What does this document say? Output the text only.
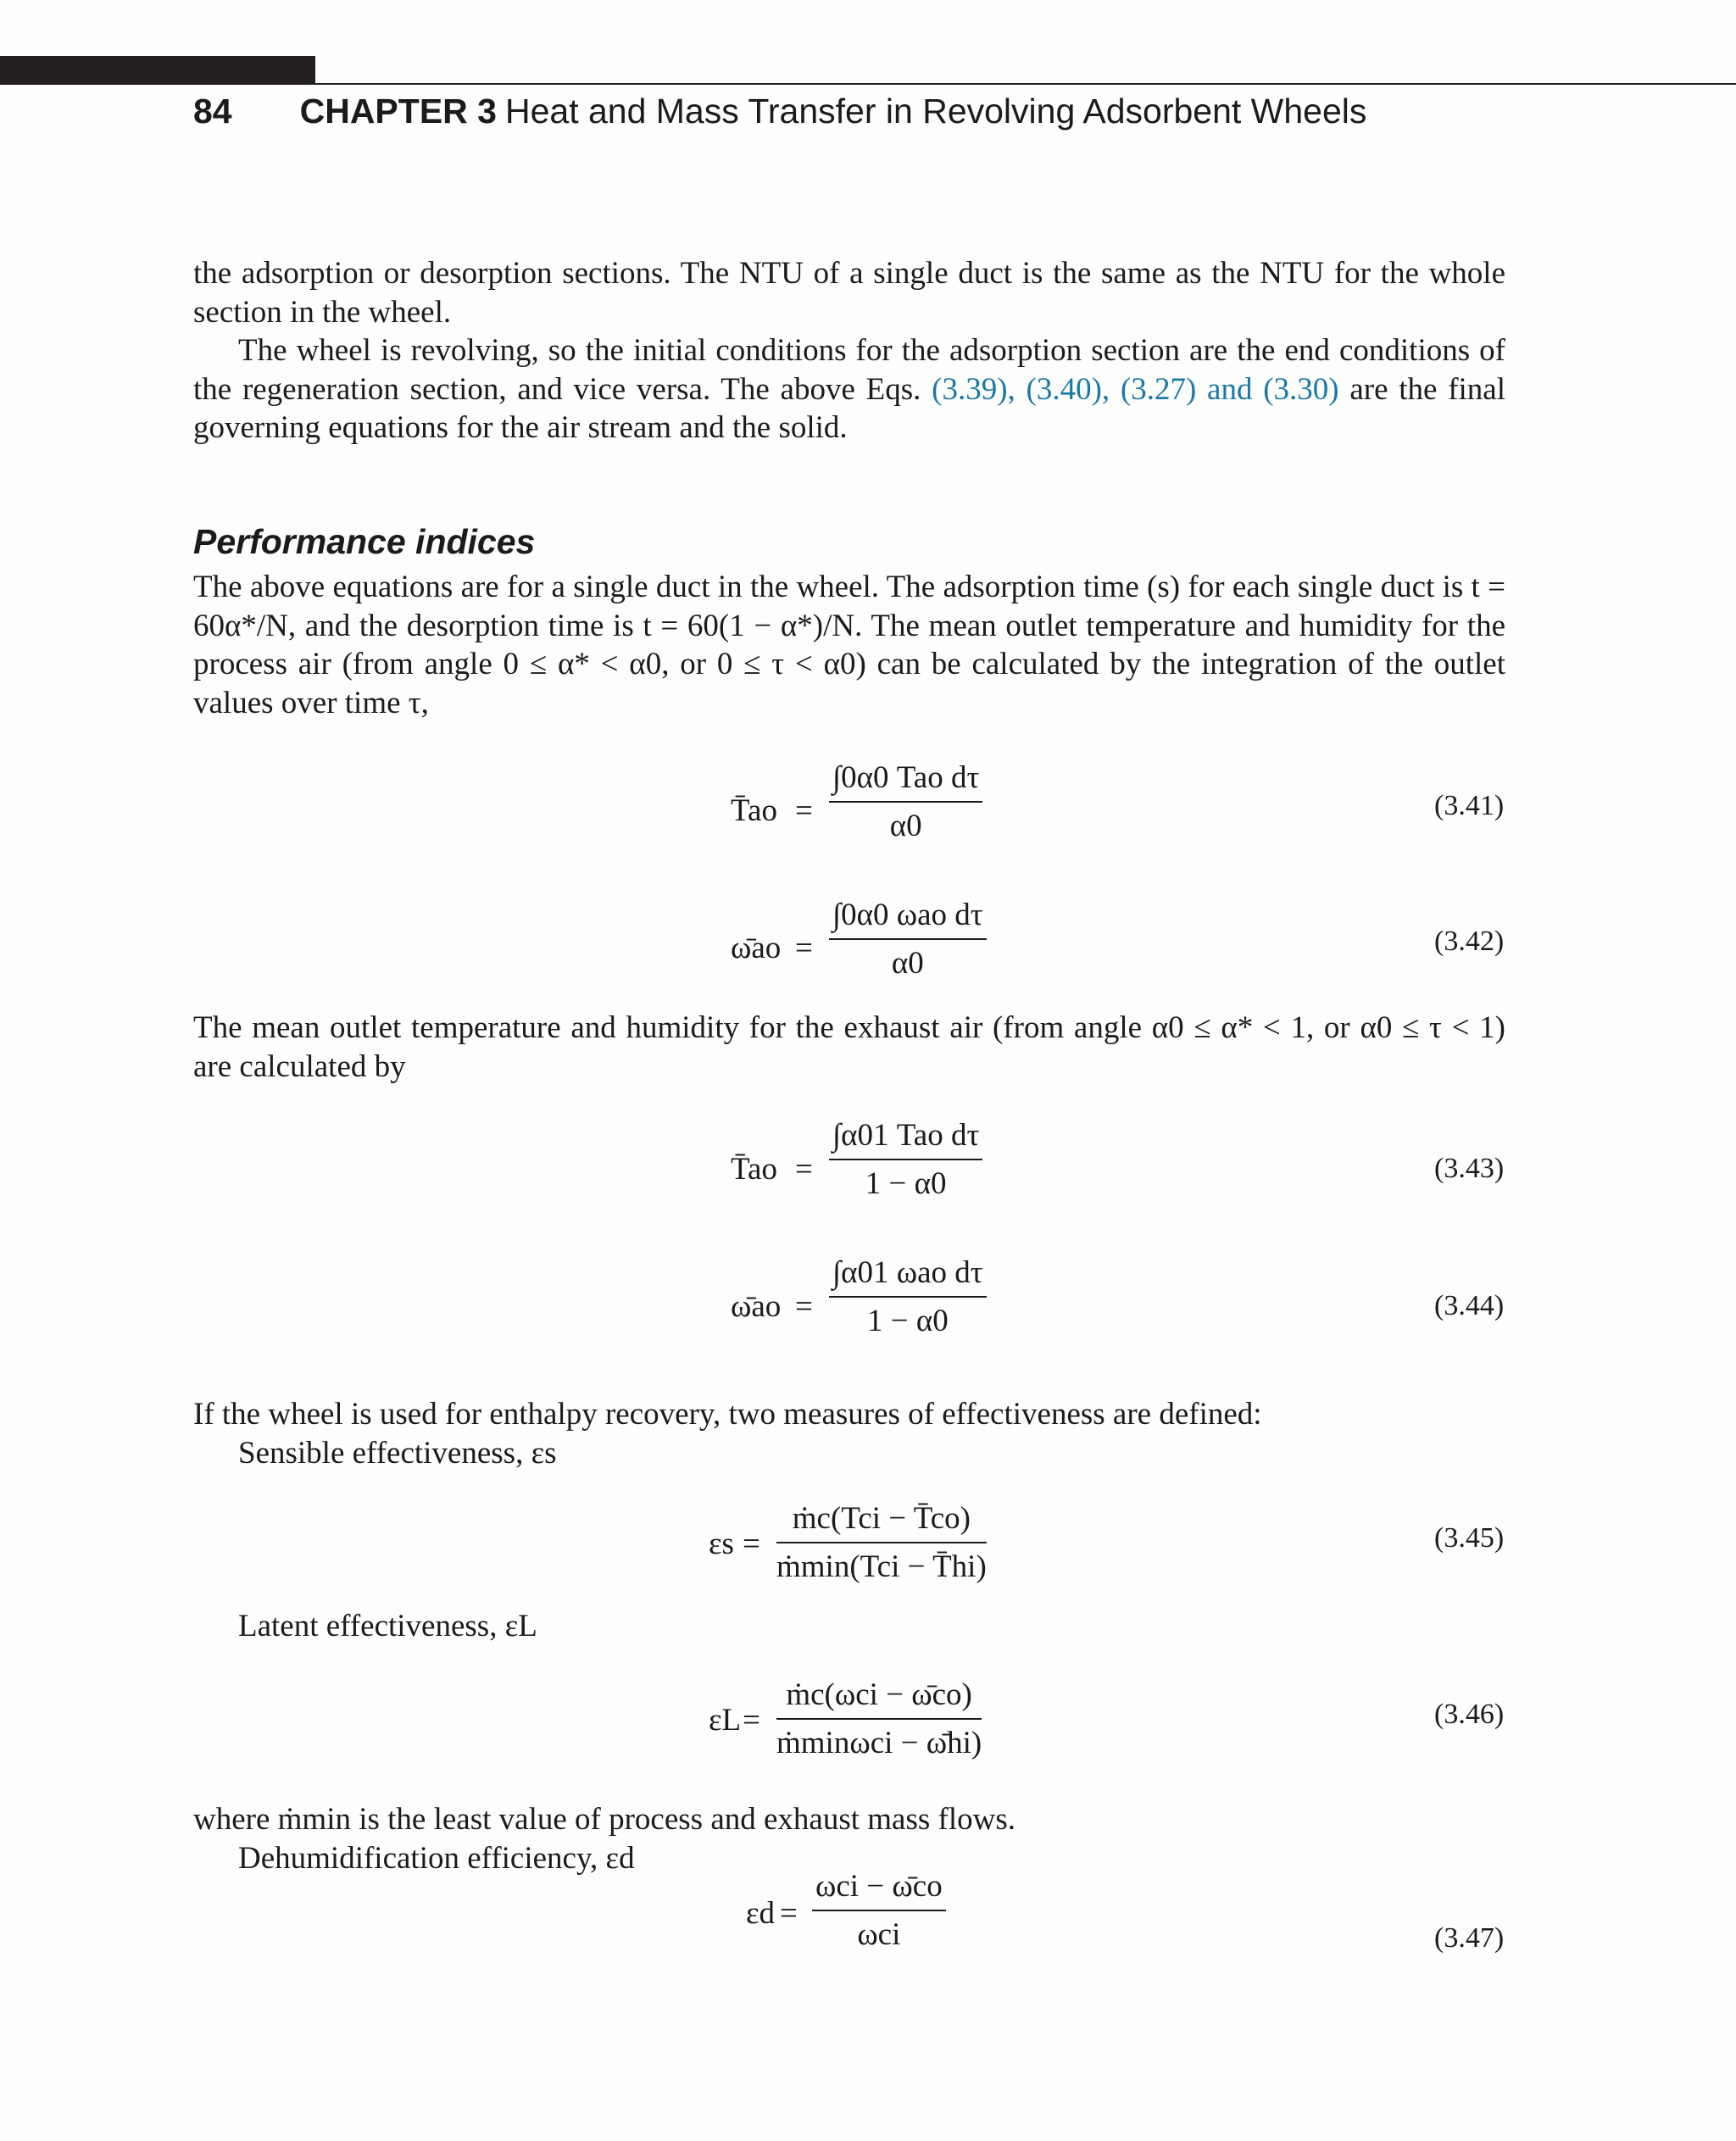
84 CHAPTER 3 Heat and Mass Transfer in Revolving Adsorbent Wheels

the adsorption or desorption sections. The NTU of a single duct is the same as the NTU for the whole section in the wheel.

The wheel is revolving, so the initial conditions for the adsorption section are the end conditions of the regeneration section, and vice versa. The above Eqs. (3.39), (3.40), (3.27) and (3.30) are the final governing equations for the air stream and the solid.

Performance indices

The above equations are for a single duct in the wheel. The adsorption time (s) for each single duct is t = 60α*/N, and the desorption time is t = 60(1 − α*)/N. The mean outlet temperature and humidity for the process air (from angle 0 ≤ α* < α0, or 0 ≤ τ < α0) can be calculated by the integration of the outlet values over time τ,

T̄ao =
∫0α0 Tao dτ
α0
(3.41)
ω̄ao =
∫0α0 ωao dτ
α0
(3.42)

The mean outlet temperature and humidity for the exhaust air (from angle α0 ≤ α* < 1, or α0 ≤ τ < 1) are calculated by

T̄ao =
∫α01 Tao dτ
1 − α0	(3.43)
ω̄ao =
∫α01 ωao dτ
1 − α0	(3.44)

If the wheel is used for enthalpy recovery, two measures of effectiveness are defined:

Sensible effectiveness, εs

εs =
ṁc(Tci − T̄co)
ṁmin(Tci − T̄hi)
(3.45)

Latent effectiveness, εL

εL =
ṁc(ωci − ω̄co)
ṁminωci − ω̄hi)
(3.46)

where ṁmin is the least value of process and exhaust mass flows.

Dehumidification efficiency, εd

εd =
ωci − ω̄co
ωci	(3.47)
